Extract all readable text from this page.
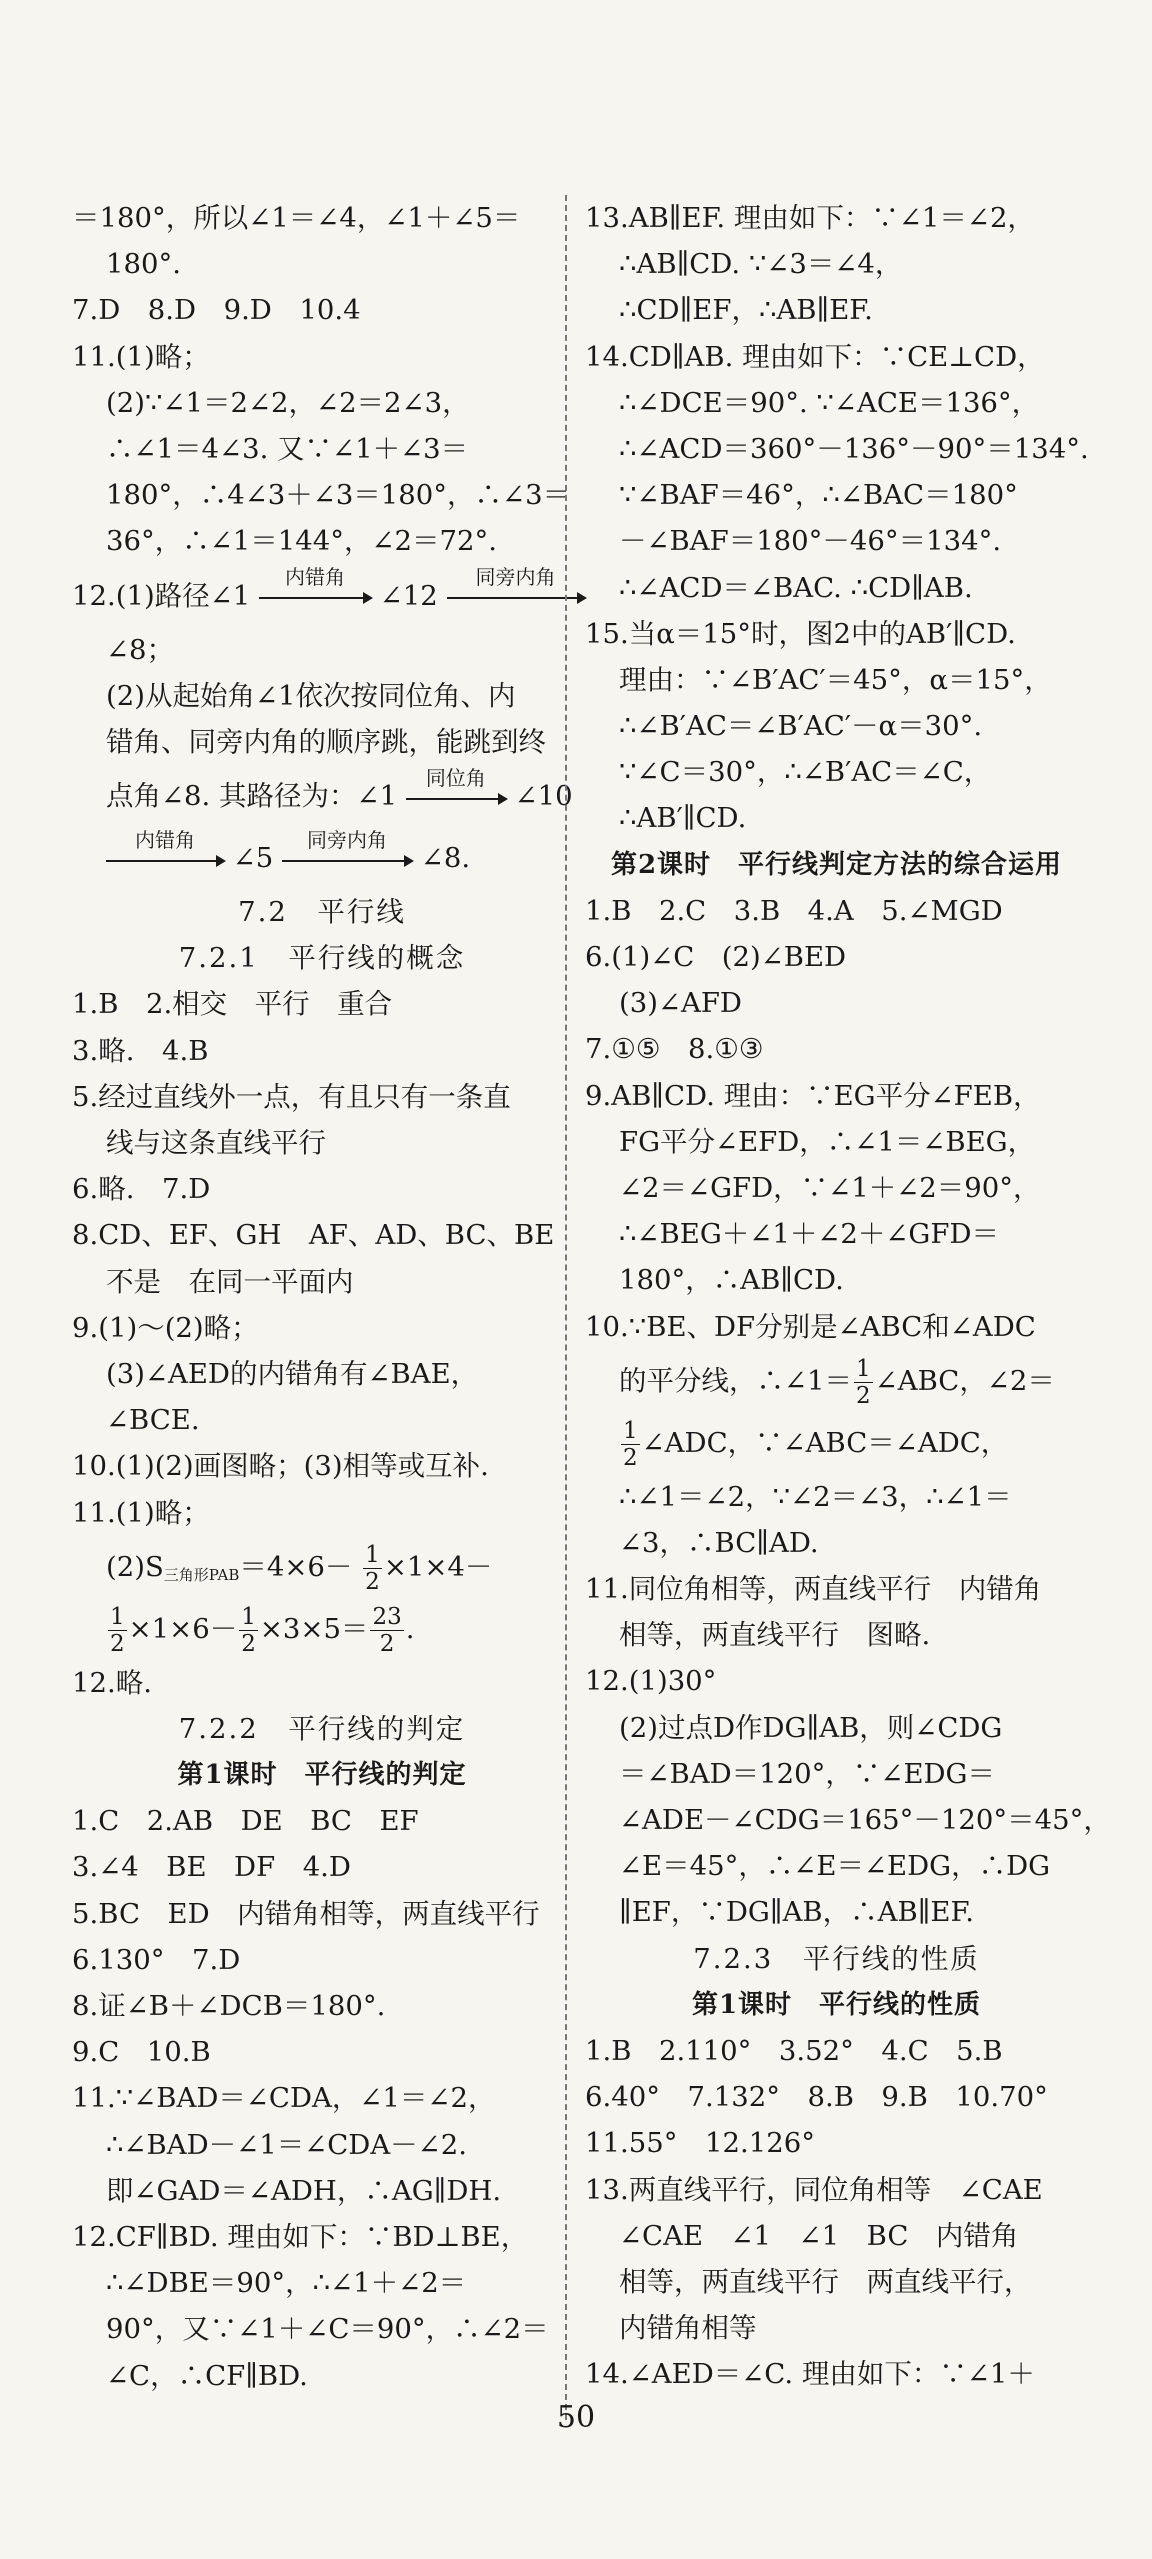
＝180°，所以∠1＝∠4，∠1＋∠5＝
180°.
7.D　8.D　9.D　10.4
11.(1)略；
(2)∵∠1＝2∠2，∠2＝2∠3，
∴∠1＝4∠3. 又∵∠1＋∠3＝
180°，∴4∠3＋∠3＝180°，∴∠3＝
36°，∴∠1＝144°，∠2＝72°.
12.(1)路径∠1
内错角
∠12
同旁内角
∠8；
(2)从起始角∠1依次按同位角、内
错角、同旁内角的顺序跳，能跳到终
点角∠8. 其路径为：∠1
同位角
∠10
内错角
∠5
同旁内角
∠8.
7.2　平行线
7.2.1　平行线的概念
1.B　2.相交　平行　重合
3.略.　4.B
5.经过直线外一点，有且只有一条直
线与这条直线平行
6.略.　7.D
8.CD、EF、GH　AF、AD、BC、BE
不是　在同一平面内
9.(1)～(2)略；
(3)∠AED的内错角有∠BAE，
∠BCE.
10.(1)(2)画图略；(3)相等或互补.
11.(1)略；
$(2)S_{三角形PAB}=4\times 6- \frac{1}{2} \times 1\times 4-$
$\frac{1}{2} \times 1\times 6- \frac{1}{2} \times 3\times 5= \frac{23}{2}$ .
12.略.
7.2.2　平行线的判定
第1课时　平行线的判定
1.C　2.AB　DE　BC　EF
3.∠4　BE　DF　4.D
5.BC　ED　内错角相等，两直线平行
6.130°　7.D
8.证∠B＋∠DCB＝180°.
9.C　10.B
11.∵∠BAD＝∠CDA，∠1＝∠2，
∴∠BAD－∠1＝∠CDA－∠2.
即∠GAD＝∠ADH，∴AG∥DH.
12.CF∥BD. 理由如下：∵BD⊥BE，
∴∠DBE＝90°，∴∠1＋∠2＝
90°，又∵∠1＋∠C＝90°，∴∠2＝
∠C，∴CF∥BD.
13.AB∥EF. 理由如下：∵∠1＝∠2，
∴AB∥CD. ∵∠3＝∠4，
∴CD∥EF，∴AB∥EF.
14.CD∥AB. 理由如下：∵CE⊥CD，
∴∠DCE＝90°. ∵∠ACE＝136°，
∴∠ACD＝360°－136°－90°＝134°.
∵∠BAF＝46°，∴∠BAC＝180°
－∠BAF＝180°－46°＝134°.
∴∠ACD＝∠BAC. ∴CD∥AB.
15.当α＝15°时，图2中的AB′∥CD.
理由：∵∠B′AC′＝45°，α＝15°，
∴∠B′AC＝∠B′AC′－α＝30°.
∵∠C＝30°，∴∠B′AC＝∠C，
∴AB′∥CD.
第2课时　平行线判定方法的综合运用
1.B　2.C　3.B　4.A　5.∠MGD
6.(1)∠C　(2)∠BED
(3)∠AFD
7.①⑤　8.①③
9.AB∥CD. 理由：∵EG平分∠FEB，
FG平分∠EFD，∴∠1＝∠BEG，
∠2＝∠GFD，∵∠1＋∠2＝90°，
∴∠BEG＋∠1＋∠2＋∠GFD＝
180°，∴AB∥CD.
10.∵BE、DF分别是∠ABC和∠ADC
的平分线，∴∠1＝ $\frac{1}{2}$ ∠ABC，∠2＝
$\frac{1}{2}$ ∠ADC，∵∠ABC＝∠ADC，
∴∠1＝∠2，∵∠2＝∠3，∴∠1＝
∠3，∴BC∥AD.
11.同位角相等，两直线平行　内错角
相等，两直线平行　图略.
12.(1)30°
(2)过点D作DG∥AB，则∠CDG
＝∠BAD＝120°，∵∠EDG＝
∠ADE－∠CDG＝165°－120°＝45°，
∠E＝45°，∴∠E＝∠EDG，∴DG
∥EF，∵DG∥AB，∴AB∥EF.
7.2.3　平行线的性质
第1课时　平行线的性质
1.B　2.110°　3.52°　4.C　5.B
6.40°　7.132°　8.B　9.B　10.70°
11.55°　12.126°
13.两直线平行，同位角相等　∠CAE
∠CAE　∠1　∠1　BC　内错角
相等，两直线平行　两直线平行，
内错角相等
14.∠AED＝∠C. 理由如下：∵∠1＋
50
